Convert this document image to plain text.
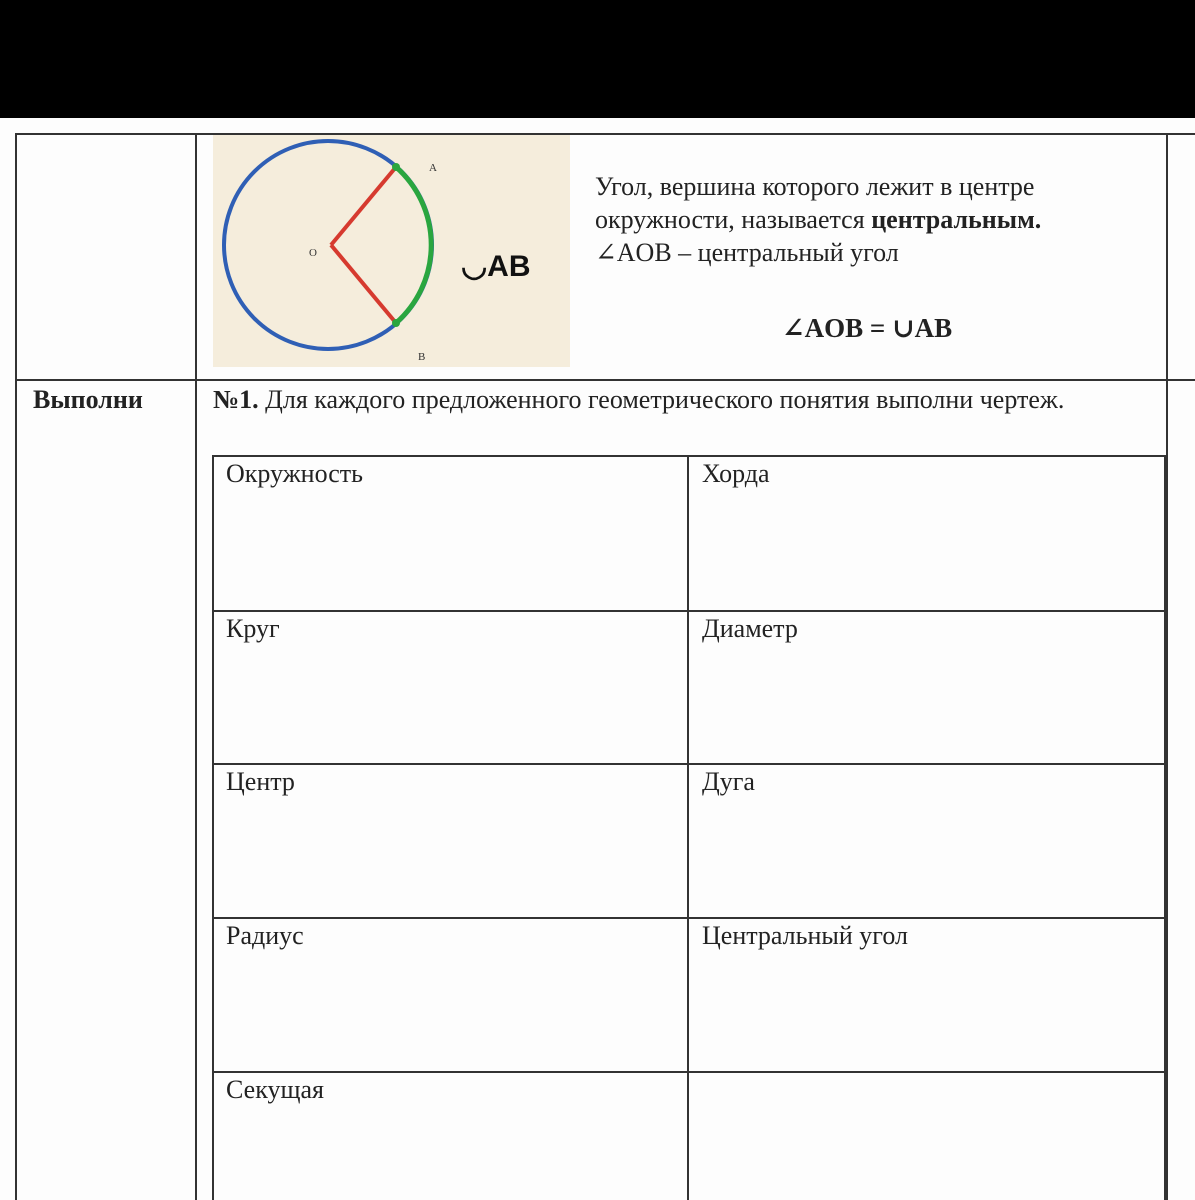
A
B
O	◡AB

Угол, вершина которого лежит в центре окружности, называется центральным.

∠AOB – центральный угол

∠AOB = ∪AB
Выполни	№1. Для каждого предложенного геометрического понятия выполни чертеж.
Окружность	Хорда
Круг	Диаметр
Центр	Дуга
Радиус	Центральный угол
Секущая
